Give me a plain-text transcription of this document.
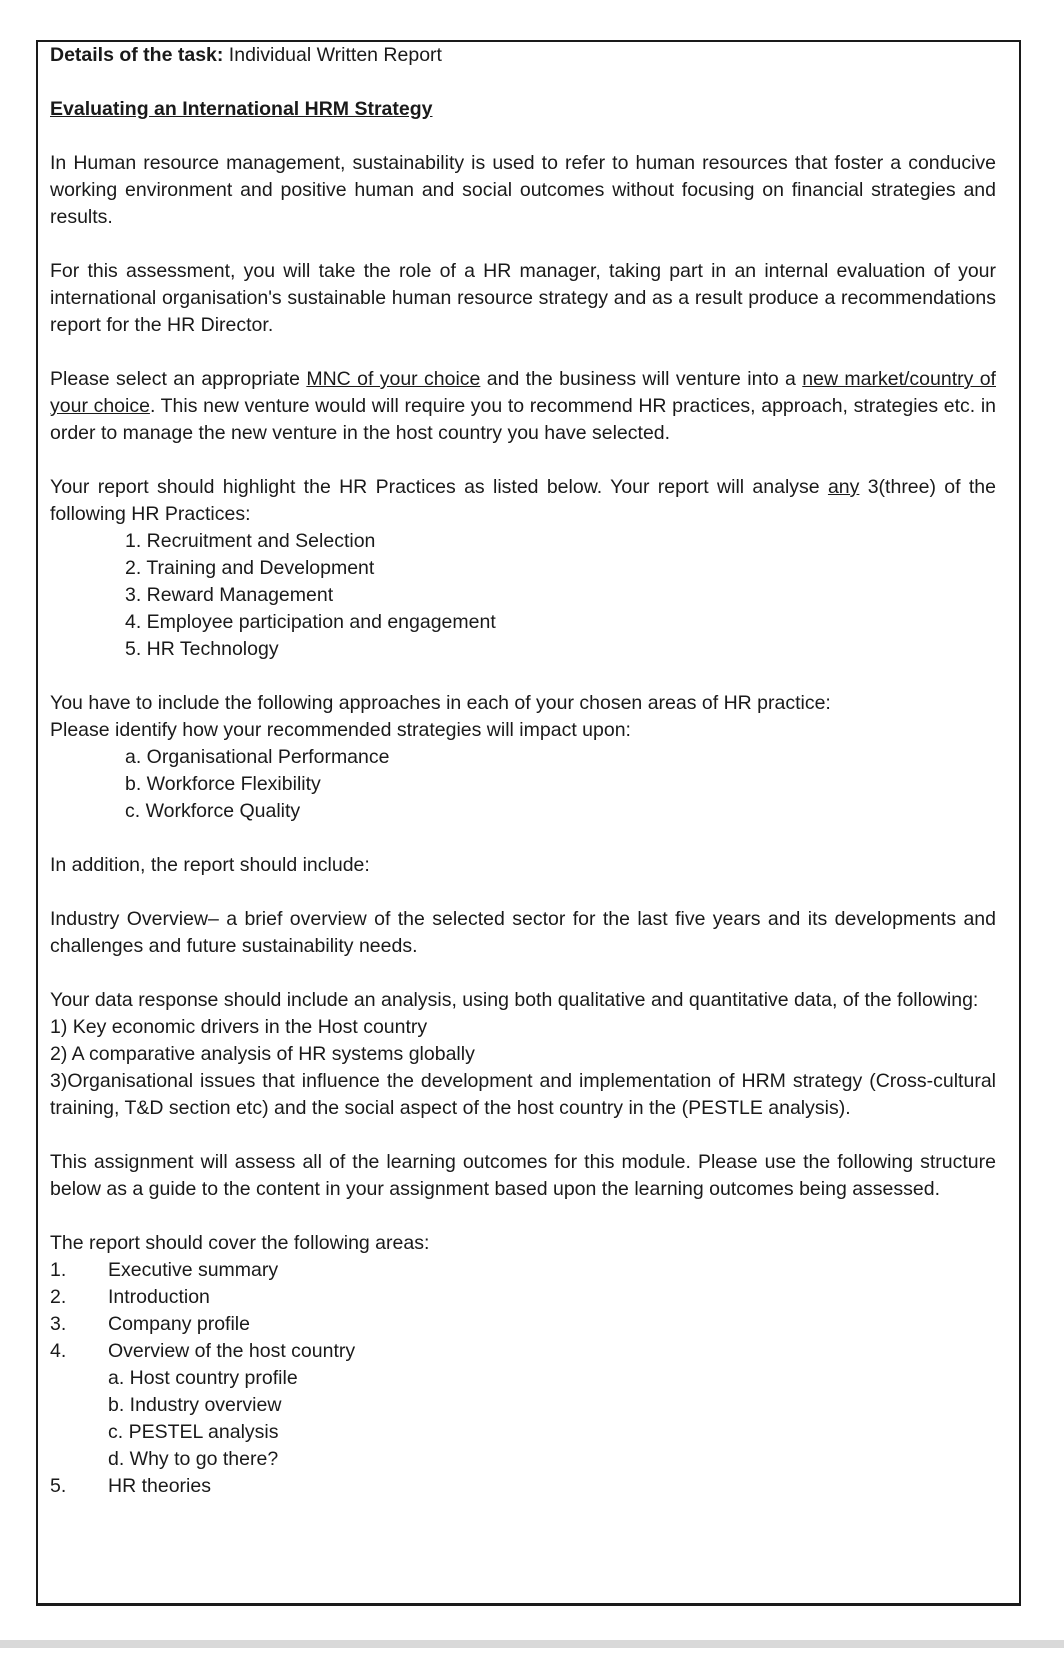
Details of the task: Individual Written Report

Evaluating an International HRM Strategy

In Human resource management, sustainability is used to refer to human resources that foster a conducive working environment and positive human and social outcomes without focusing on financial strategies and results.

For this assessment, you will take the role of a HR manager, taking part in an internal evaluation of your international organisation's sustainable human resource strategy and as a result produce a recommendations report for the HR Director.

Please select an appropriate MNC of your choice and the business will venture into a new market/country of your choice. This new venture would will require you to recommend HR practices, approach, strategies etc. in order to manage the new venture in the host country you have selected.

Your report should highlight the HR Practices as listed below. Your report will analyse any 3(three) of the following HR Practices:

1. Recruitment and Selection
2. Training and Development
3. Reward Management
4. Employee participation and engagement
5. HR Technology

You have to include the following approaches in each of your chosen areas of HR practice:

Please identify how your recommended strategies will impact upon:

a. Organisational Performance
b. Workforce Flexibility
c. Workforce Quality

In addition, the report should include:

Industry Overview– a brief overview of the selected sector for the last five years and its developments and challenges and future sustainability needs.

Your data response should include an analysis, using both qualitative and quantitative data, of the following:

1) Key economic drivers in the Host country

2) A comparative analysis of HR systems globally

3)Organisational issues that influence the development and implementation of HRM strategy (Cross-cultural training, T&D section etc) and the social aspect of the host country in the (PESTLE analysis).

This assignment will assess all of the learning outcomes for this module. Please use the following structure below as a guide to the content in your assignment based upon the learning outcomes being assessed.

The report should cover the following areas:

1.	Executive summary
2.	Introduction
3.	Company profile
4.	Overview of the host country
a. Host country profile
b. Industry overview
c. PESTEL analysis
d. Why to go there?
5.	HR theories
